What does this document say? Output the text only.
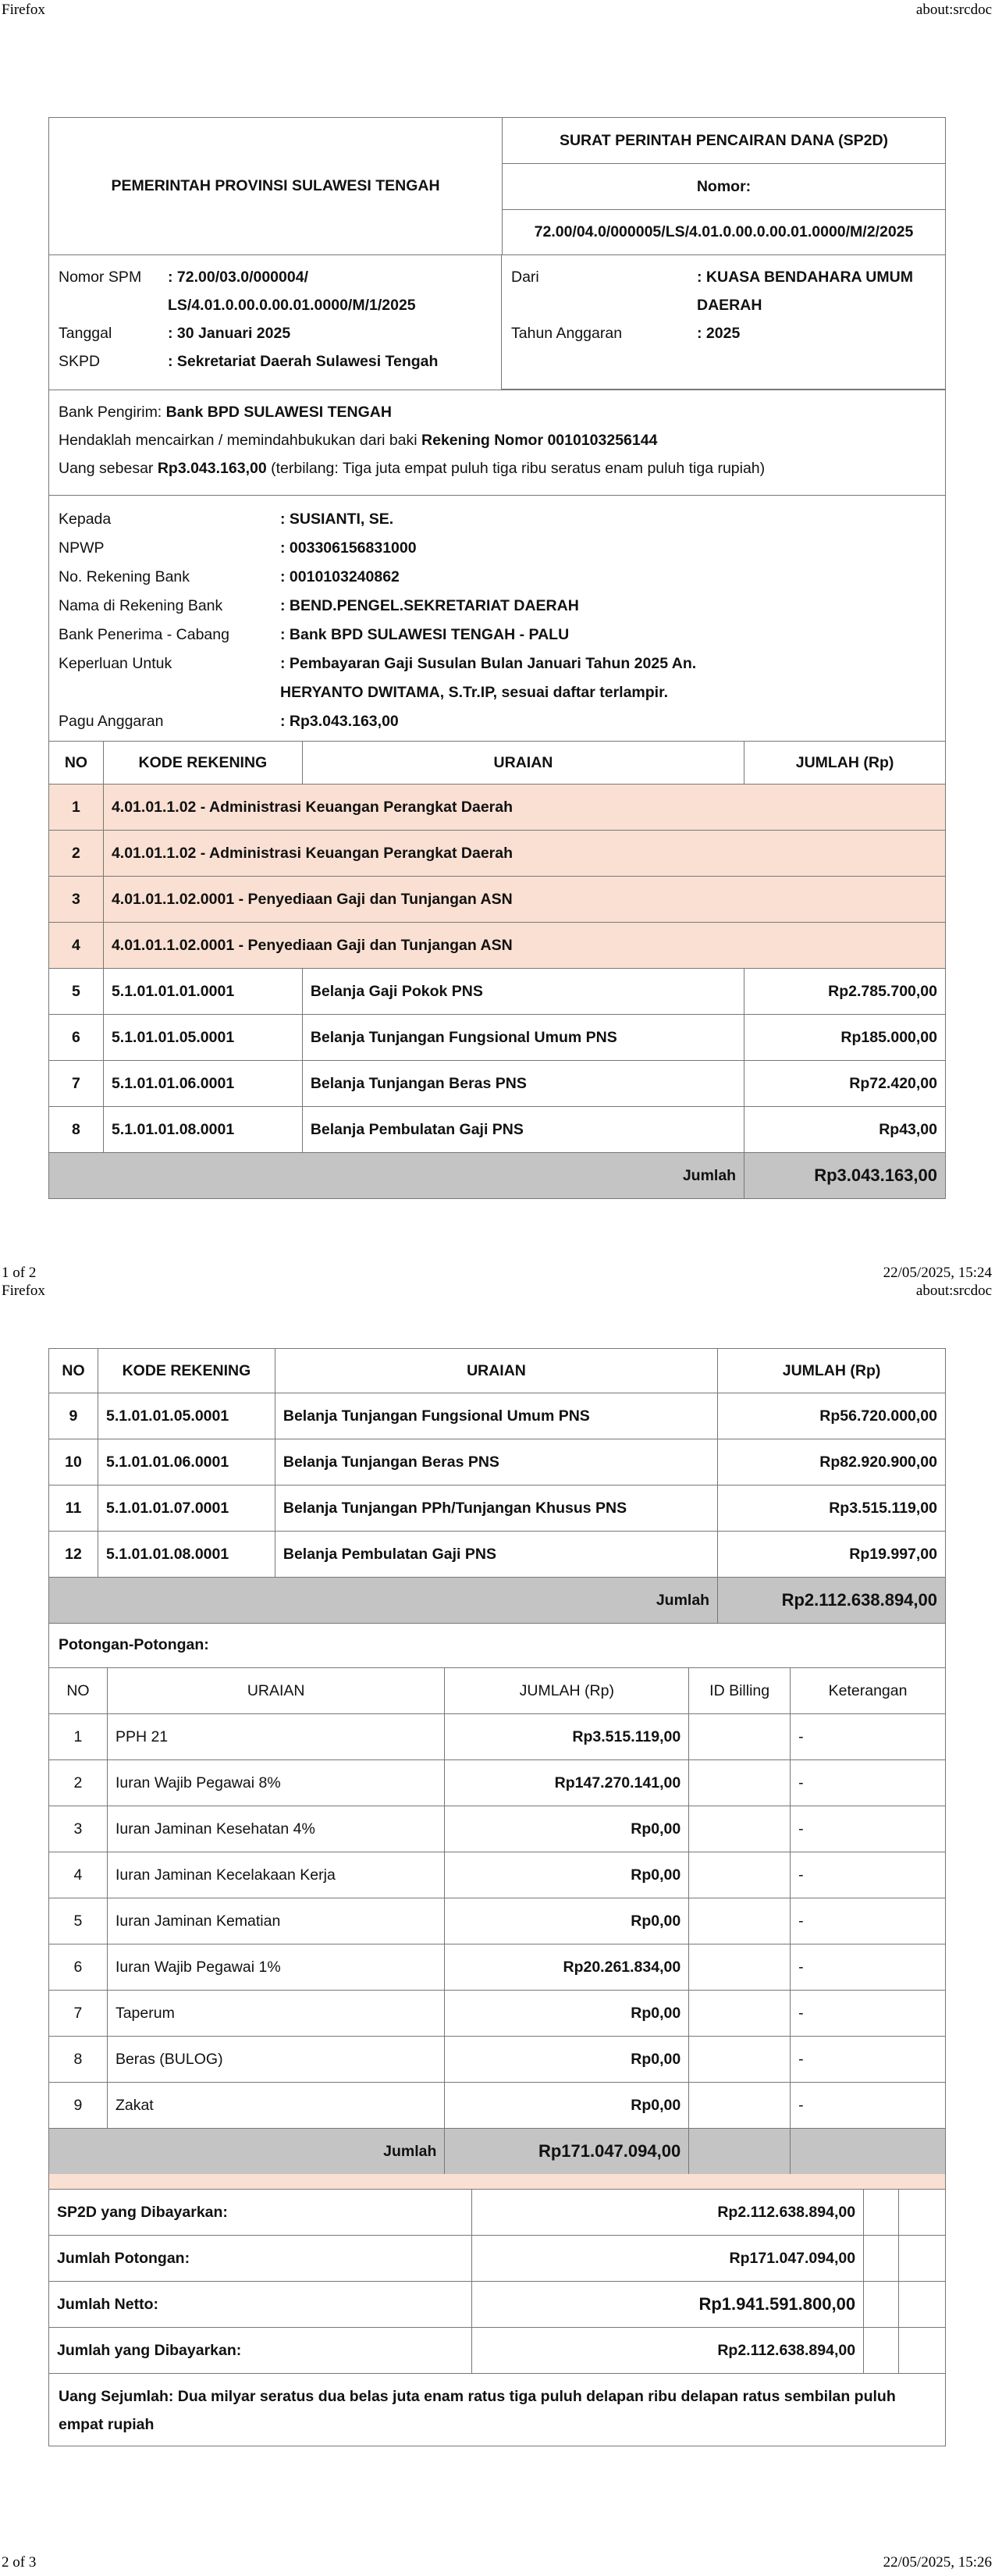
Firefox	about:srcdoc
1 of 2	22/05/2025, 15:24
Firefox	about:srcdoc
2 of 3	22/05/2025, 15:26
PEMERINTAH PROVINSI SULAWESI TENGAH
SURAT PERINTAH PENCAIRAN DANA (SP2D)
Nomor:
72.00/04.0/000005/LS/4.01.0.00.0.00.01.0000/M/2/2025
Nomor SPM	: 72.00/03.0/000004/
LS/4.01.0.00.0.00.01.0000/M/1/2025
Tanggal	: 30 Januari 2025
SKPD	: Sekretariat Daerah Sulawesi Tengah
Dari	: KUASA BENDAHARA UMUM
DAERAH
Tahun Anggaran	: 2025
Bank Pengirim: Bank BPD SULAWESI TENGAH
Hendaklah mencairkan / memindahbukukan dari baki Rekening Nomor 0010103256144
Uang sebesar Rp3.043.163,00 (terbilang: Tiga juta empat puluh tiga ribu seratus enam puluh tiga rupiah)
Kepada	: SUSIANTI, SE.
NPWP	: 003306156831000
No. Rekening Bank	: 0010103240862
Nama di Rekening Bank	: BEND.PENGEL.SEKRETARIAT DAERAH
Bank Penerima - Cabang	: Bank BPD SULAWESI TENGAH - PALU
Keperluan Untuk	: Pembayaran Gaji Susulan Bulan Januari Tahun 2025 An.
HERYANTO DWITAMA, S.Tr.IP, sesuai daftar terlampir.
Pagu Anggaran	: Rp3.043.163,00
NO	KODE REKENING	URAIAN	JUMLAH (Rp)
1	4.01.01.1.02 - Administrasi Keuangan Perangkat Daerah		
2	4.01.01.1.02 - Administrasi Keuangan Perangkat Daerah		
3	4.01.01.1.02.0001 - Penyediaan Gaji dan Tunjangan ASN		
4	4.01.01.1.02.0001 - Penyediaan Gaji dan Tunjangan ASN		
5	5.1.01.01.01.0001	Belanja Gaji Pokok PNS	Rp2.785.700,00
6	5.1.01.01.05.0001	Belanja Tunjangan Fungsional Umum PNS	Rp185.000,00
7	5.1.01.01.06.0001	Belanja Tunjangan Beras PNS	Rp72.420,00
8	5.1.01.01.08.0001	Belanja Pembulatan Gaji PNS	Rp43,00
Jumlah			Rp3.043.163,00
NO	KODE REKENING	URAIAN	JUMLAH (Rp)
9	5.1.01.01.05.0001	Belanja Tunjangan Fungsional Umum PNS	Rp56.720.000,00
10	5.1.01.01.06.0001	Belanja Tunjangan Beras PNS	Rp82.920.900,00
11	5.1.01.01.07.0001	Belanja Tunjangan PPh/Tunjangan Khusus PNS	Rp3.515.119,00
12	5.1.01.01.08.0001	Belanja Pembulatan Gaji PNS	Rp19.997,00
Jumlah			Rp2.112.638.894,00
Potongan-Potongan:
NO	URAIAN	JUMLAH (Rp)	ID Billing	Keterangan
1	PPH 21	Rp3.515.119,00		-
2	Iuran Wajib Pegawai 8%	Rp147.270.141,00		-
3	Iuran Jaminan Kesehatan 4%	Rp0,00		-
4	Iuran Jaminan Kecelakaan Kerja	Rp0,00		-
5	Iuran Jaminan Kematian	Rp0,00		-
6	Iuran Wajib Pegawai 1%	Rp20.261.834,00		-
7	Taperum	Rp0,00		-
8	Beras (BULOG)	Rp0,00		-
9	Zakat	Rp0,00		-
Jumlah		Rp171.047.094,00		
SP2D yang Dibayarkan:	Rp2.112.638.894,00		
Jumlah Potongan:	Rp171.047.094,00		
Jumlah Netto:	Rp1.941.591.800,00		
Jumlah yang Dibayarkan:	Rp2.112.638.894,00		
Uang Sejumlah: Dua milyar seratus dua belas juta enam ratus tiga puluh delapan ribu delapan ratus sembilan puluh empat rupiah
